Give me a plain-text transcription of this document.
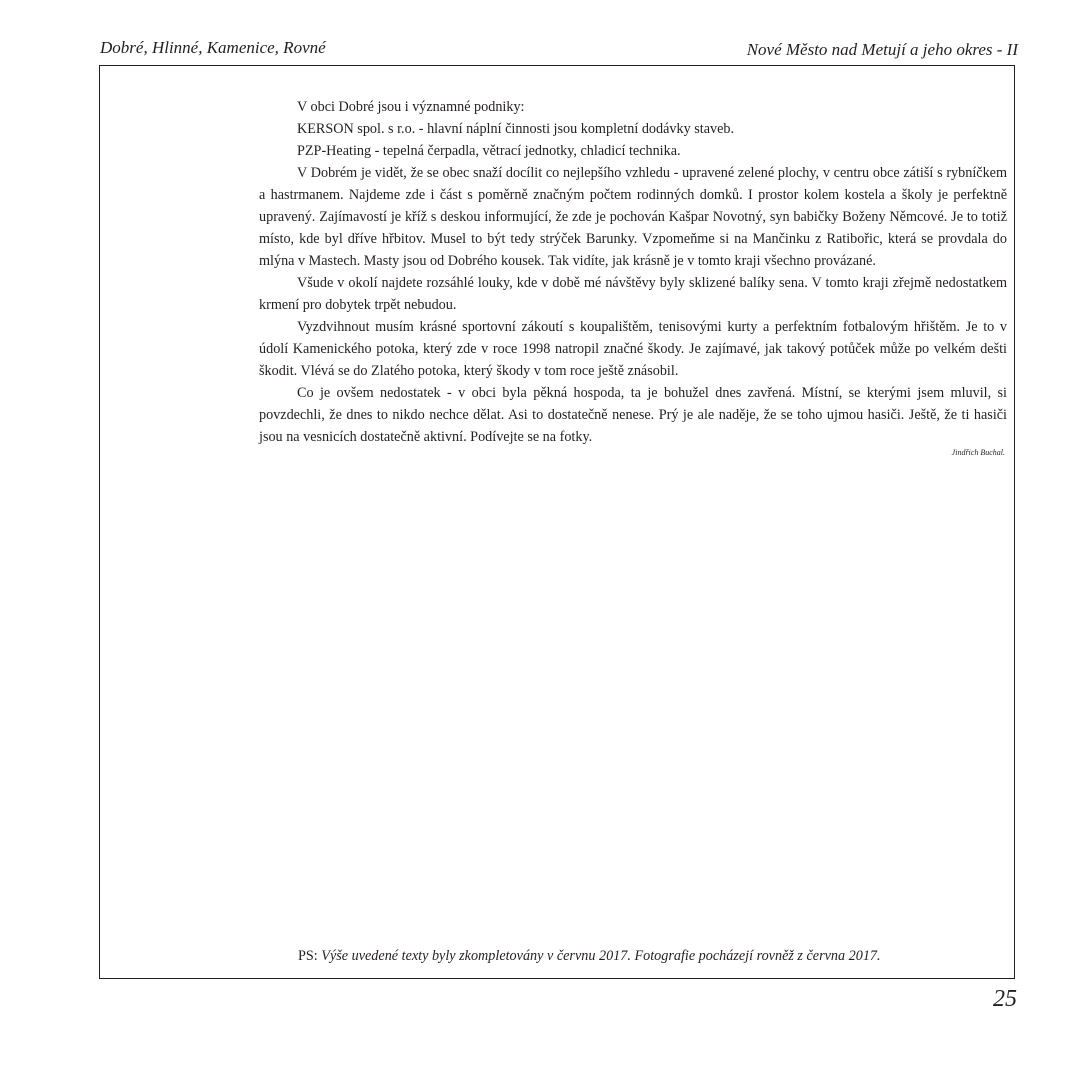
Dobré, Hlinné, Kamenice, Rovné	Nové Město nad Metují a jeho okres - II

V obci Dobré jsou i významné podniky:

KERSON spol. s r.o. - hlavní náplní činnosti jsou kompletní dodávky staveb.

PZP-Heating - tepelná čerpadla, větrací jednotky, chladicí technika.

V Dobrém je vidět, že se obec snaží docílit co nejlepšího vzhledu - upravené zelené plochy, v centru obce zátiší s rybníčkem a hastrmanem. Najdeme zde i část s poměrně značným počtem rodinných domků. I prostor kolem kostela a školy je perfektně upravený. Zajímavostí je kříž s deskou informující, že zde je pochován Kašpar Novotný, syn babičky Boženy Němcové. Je to totiž místo, kde byl dříve hřbitov. Musel to být tedy strýček Barunky. Vzpomeňme si na Mančinku z Ratibořic, která se provdala do mlýna v Mastech. Masty jsou od Dobrého kousek. Tak vidíte, jak krásně je v tomto kraji všechno provázané.

Všude v okolí najdete rozsáhlé louky, kde v době mé návštěvy byly sklizené balíky sena. V tomto kraji zřejmě nedostatkem krmení pro dobytek trpět nebudou.

Vyzdvihnout musím krásné sportovní zákoutí s koupalištěm, tenisovými kurty a perfektním fotbalovým hřištěm. Je to v údolí Kamenického potoka, který zde v roce 1998 natropil značné škody. Je zajímavé, jak takový potůček může po velkém dešti škodit. Vlévá se do Zlatého potoka, který škody v tom roce ještě znásobil.

Co je ovšem nedostatek - v obci byla pěkná hospoda, ta je bohužel dnes zavřená. Místní, se kterými jsem mluvil, si povzdechli, že dnes to nikdo nechce dělat. Asi to dostatečně nenese. Prý je ale naděje, že se toho ujmou hasiči. Ještě, že ti hasiči jsou na vesnicích dostatečně aktivní. Podívejte se na fotky.

Jindřich Buchal.
PS: Výše uvedené texty byly zkompletovány v červnu 2017. Fotografie pocházejí rovněž z června 2017.
25
